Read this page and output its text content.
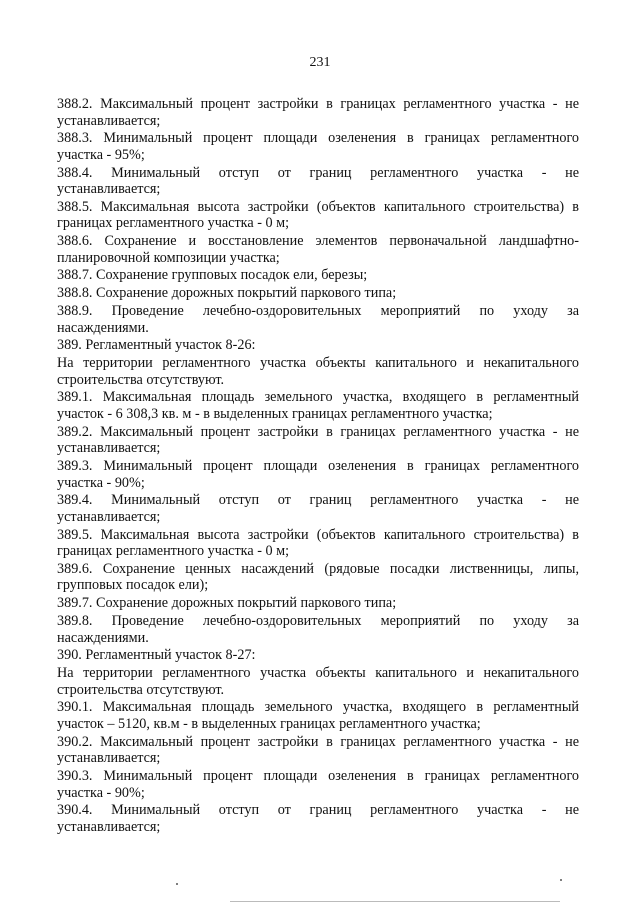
231
388.2. Максимальный процент застройки в границах регламентного участка - не
устанавливается;
388.3. Минимальный процент площади озеленения в границах регламентного
участка - 95%;
388.4. Минимальный отступ от границ регламентного участка - не
устанавливается;
388.5. Максимальная высота застройки (объектов капитального строительства) в
границах регламентного участка - 0 м;
388.6. Сохранение и восстановление элементов первоначальной ландшафтно-
планировочной композиции участка;
388.7. Сохранение групповых посадок ели, березы;
388.8. Сохранение дорожных покрытий паркового типа;
388.9. Проведение лечебно-оздоровительных мероприятий по уходу за
насаждениями.
389. Регламентный участок 8-26:
На территории регламентного участка объекты капитального и некапитального
строительства отсутствуют.
389.1. Максимальная площадь земельного участка, входящего в регламентный
участок - 6 308,3 кв. м - в выделенных границах регламентного участка;
389.2. Максимальный процент застройки в границах регламентного участка - не
устанавливается;
389.3. Минимальный процент площади озеленения в границах регламентного
участка - 90%;
389.4. Минимальный отступ от границ регламентного участка - не
устанавливается;
389.5. Максимальная высота застройки (объектов капитального строительства) в
границах регламентного участка - 0 м;
389.6. Сохранение ценных насаждений (рядовые посадки лиственницы, липы,
групповых посадок ели);
389.7. Сохранение дорожных покрытий паркового типа;
389.8. Проведение лечебно-оздоровительных мероприятий по уходу за
насаждениями.
390. Регламентный участок 8-27:
На территории регламентного участка объекты капитального и некапитального
строительства отсутствуют.
390.1. Максимальная площадь земельного участка, входящего в регламентный
участок – 5120, кв.м - в выделенных границах регламентного участка;
390.2. Максимальный процент застройки в границах регламентного участка - не
устанавливается;
390.3. Минимальный процент площади озеленения в границах регламентного
участка - 90%;
390.4. Минимальный отступ от границ регламентного участка - не
устанавливается;
